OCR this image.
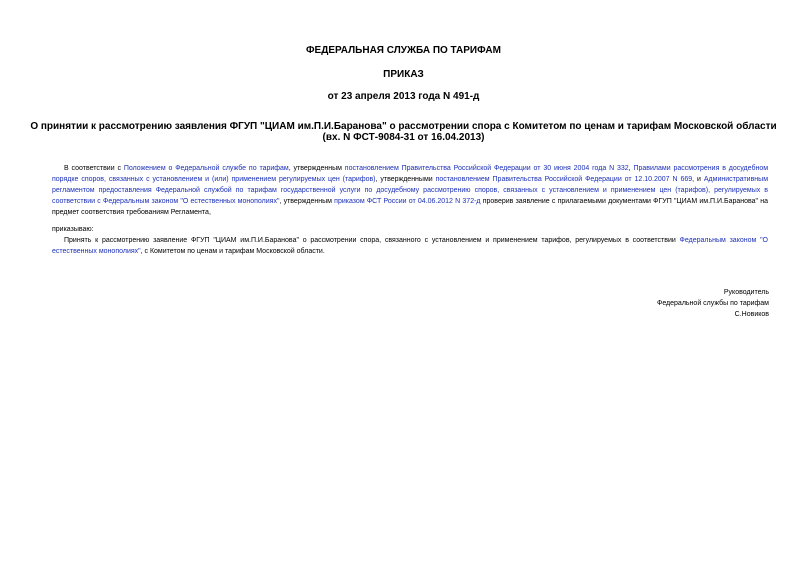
ФЕДЕРАЛЬНАЯ СЛУЖБА ПО ТАРИФАМ

ПРИКАЗ

от 23 апреля 2013 года N 491-д

О принятии к рассмотрению заявления ФГУП "ЦИАМ им.П.И.Баранова" о рассмотрении спора с Комитетом по ценам и тарифам Московской области
(вх. N ФСТ-9084-31 от 16.04.2013)

В соответствии с Положением о Федеральной службе по тарифам, утвержденным постановлением Правительства Российской Федерации от 30 июня 2004 года N 332, Правилами рассмотрения в досудебном порядке споров, связанных с установлением и (или) применением регулируемых цен (тарифов), утвержденными постановлением Правительства Российской Федерации от 12.10.2007 N 669, и Административным регламентом предоставления Федеральной службой по тарифам государственной услуги по досудебному рассмотрению споров, связанных с установлением и применением цен (тарифов), регулируемых в соответствии с Федеральным законом "О естественных монополиях", утвержденным приказом ФСТ России от 04.06.2012 N 372-д проверив заявление с прилагаемыми документами ФГУП "ЦИАМ им.П.И.Баранова" на предмет соответствия требованиям Регламента,

приказываю:

Принять к рассмотрению заявление ФГУП "ЦИАМ им.П.И.Баранова" о рассмотрении спора, связанного с установлением и применением тарифов, регулируемых в соответствии Федеральным законом "О естественных монополиях", с Комитетом по ценам и тарифам Московской области.

Руководитель

Федеральной службы по тарифам

С.Новиков
